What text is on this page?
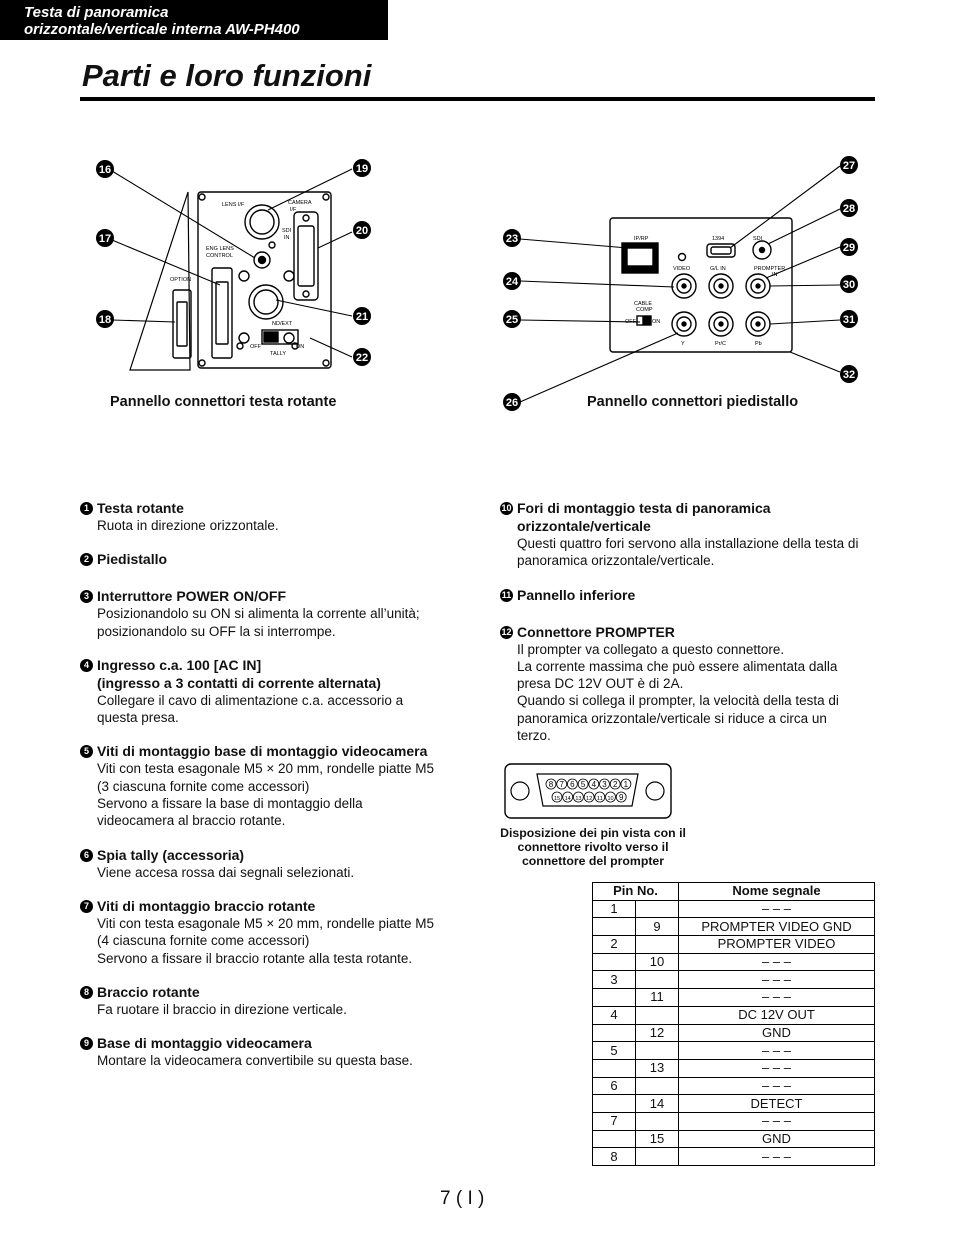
Testa di panoramica
orizzontale/verticale interna AW-PH400
Parti e loro funzioni
LENS I/F	CAMERA
I/F
SDI
IN
ENG LENS
CONTROL
OPTION
ND/EXT
OFF	ON
TALLY
16
17
18
19
20
21
22
IP/RP	1394	SDI
VIDEO	G/L IN	PROMPTER
IN
CABLE
COMP
OFF	ON
Y	Pr/C	Pb
23
24
25
26
27
28
29
30
31
32
Pannello connettori testa rotante	Pannello connettori piedistallo
1 Testa rotante
Ruota in direzione orizzontale.
2 Piedistallo
3 Interruttore POWER ON/OFF
Posizionandolo su ON si alimenta la corrente all’unità;
posizionandolo su OFF la si interrompe.
4 Ingresso c.a. 100 [AC IN]
(ingresso a 3 contatti di corrente alternata)
Collegare il cavo di alimentazione c.a. accessorio a
questa presa.
5 Viti di montaggio base di montaggio videocamera
Viti con testa esagonale M5 × 20 mm, rondelle piatte M5
(3 ciascuna fornite come accessori)
Servono a fissare la base di montaggio della
videocamera al braccio rotante.
6 Spia tally (accessoria)
Viene accesa rossa dai segnali selezionati.
7 Viti di montaggio braccio rotante
Viti con testa esagonale M5 × 20 mm, rondelle piatte M5
(4 ciascuna fornite come accessori)
Servono a fissare il braccio rotante alla testa rotante.
8 Braccio rotante
Fa ruotare il braccio in direzione verticale.
9 Base di montaggio videocamera
Montare la videocamera convertibile su questa base.
10 Fori di montaggio testa di panoramica
orizzontale/verticale
Questi quattro fori servono alla installazione della testa di
panoramica orizzontale/verticale.
11 Pannello inferiore
12 Connettore PROMPTER
Il prompter va collegato a questo connettore.
La corrente massima che può essere alimentata dalla
presa DC 12V OUT è di 2A.
Quando si collega il prompter, la velocità della testa di
panoramica orizzontale/verticale si riduce a circa un
terzo.
8 7 6 5 4 3 2 1
15 14 13 12 11 10 9
Disposizione dei pin vista con il
connettore rivolto verso il
connettore del prompter
Pin No.		Nome segnale
1		– – –
	9	PROMPTER VIDEO GND
2		PROMPTER VIDEO
	10	– – –
3		– – –
	11	– – –
4		DC 12V OUT
	12	GND
5		– – –
	13	– – –
6		– – –
	14	DETECT
7		– – –
	15	GND
8		– – –
7 ( I )
